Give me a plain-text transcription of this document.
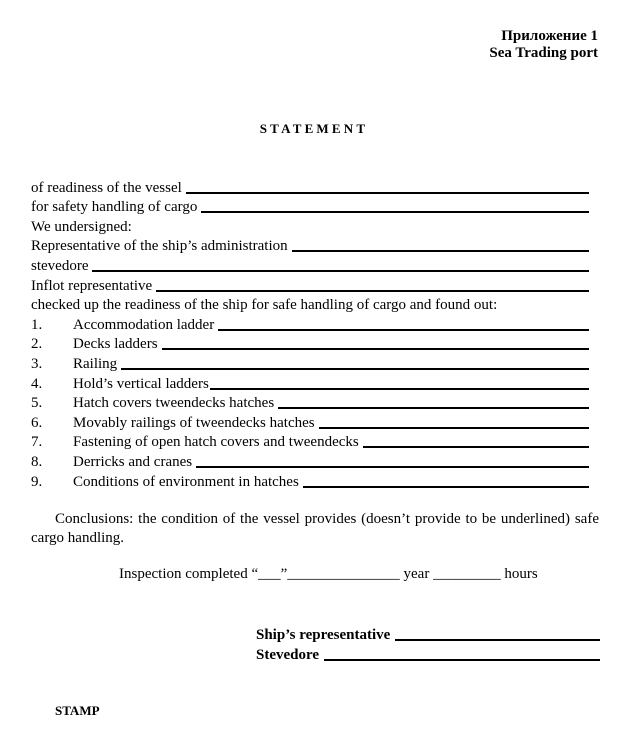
Приложение 1
Sea Trading port
STATEMENT
of readiness of the vessel
for safety handling of cargo
We undersigned:
Representative of the ship’s administration
stevedore
Inflot representative
checked up the readiness of the ship for safe handling of cargo and found out:
1.	Accommodation ladder
2.	Decks ladders
3.	Railing
4.	Hold’s vertical ladders
5.	Hatch covers tweendecks hatches
6.	Movably railings of tweendecks hatches
7.	Fastening of open hatch covers and tweendecks
8.	Derricks and cranes
9.	Conditions of environment in hatches
Conclusions: the condition of the vessel provides (doesn’t provide to be underlined) safe cargo handling.
Inspection completed “___”_______________ year _________ hours
Ship’s representative
Stevedore
STAMP
